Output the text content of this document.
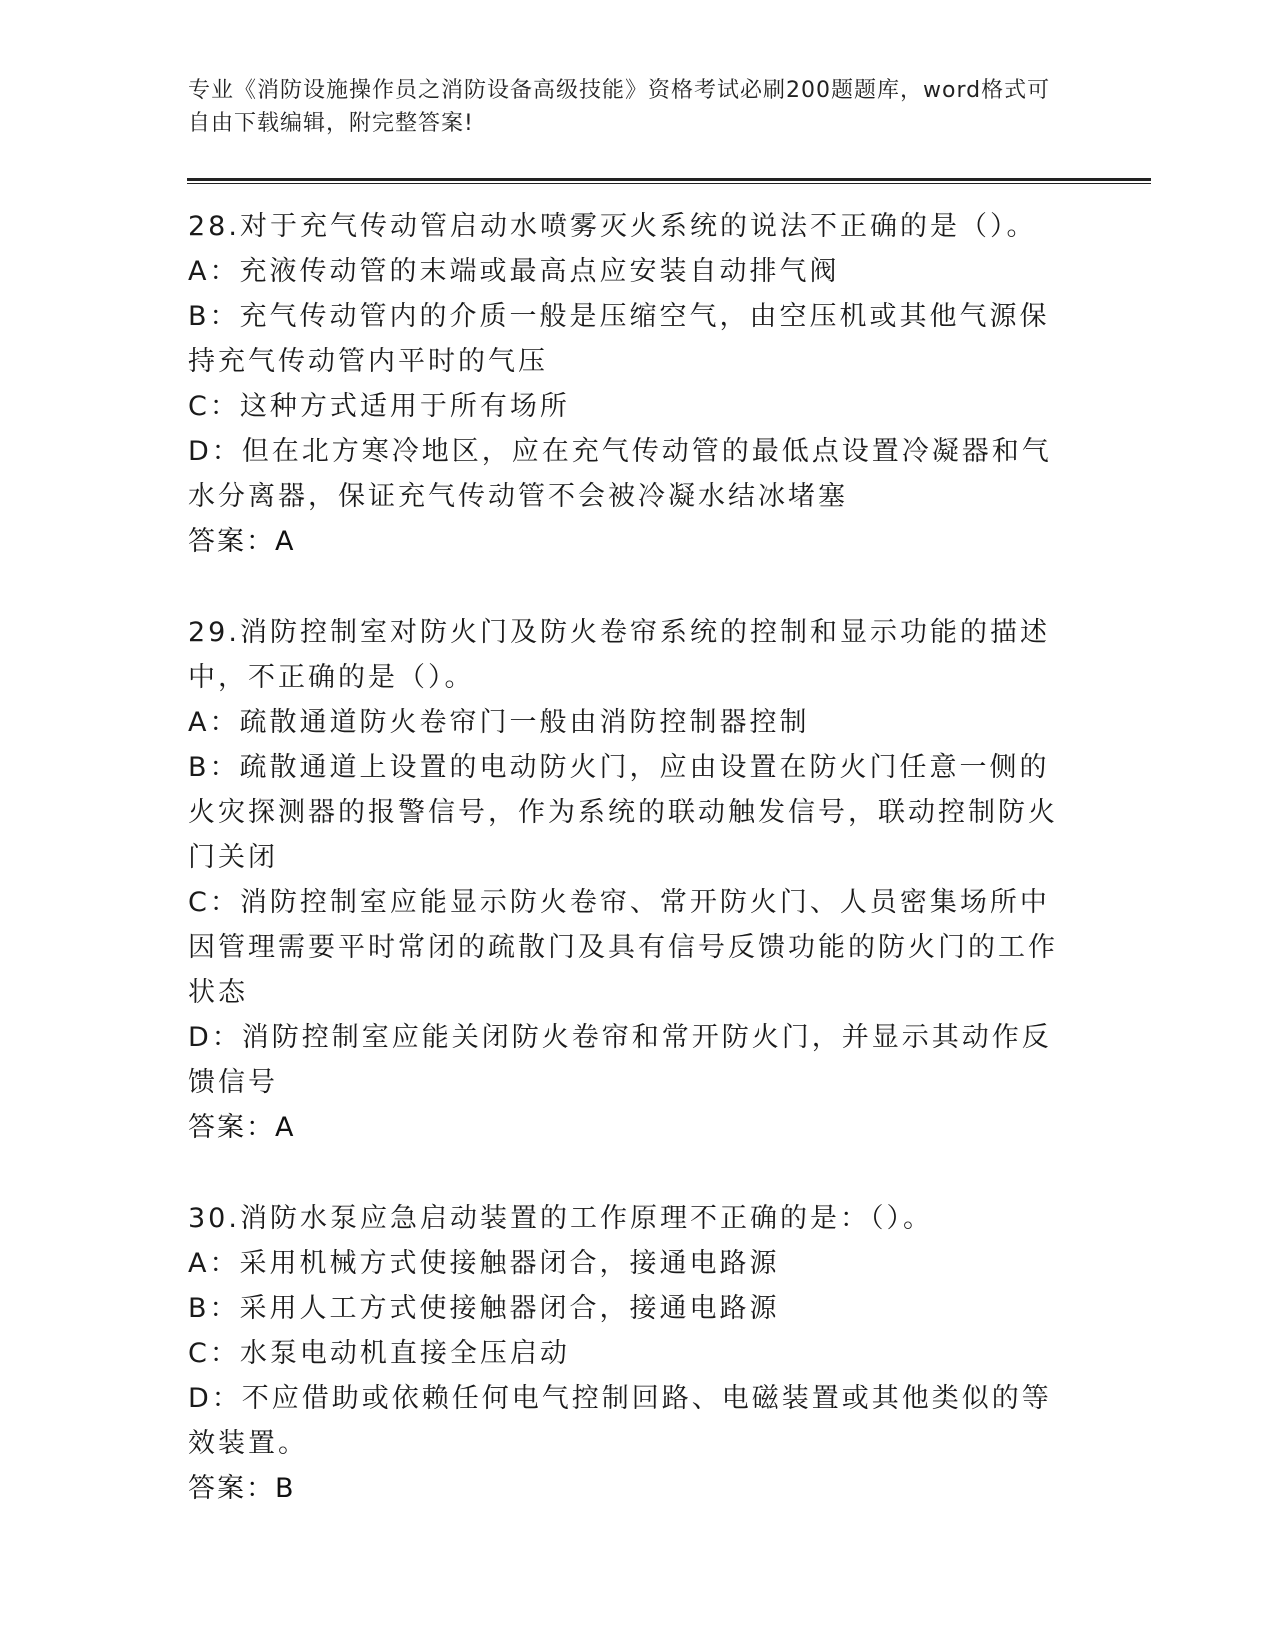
专业《消防设施操作员之消防设备高级技能》资格考试必刷200题题库，word格式可自由下载编辑，附完整答案!
28.对于充气传动管启动水喷雾灭火系统的说法不正确的是（）。
A：充液传动管的末端或最高点应安装自动排气阀
B：充气传动管内的介质一般是压缩空气，由空压机或其他气源保持充气传动管内平时的气压
C：这种方式适用于所有场所
D：但在北方寒冷地区，应在充气传动管的最低点设置冷凝器和气水分离器，保证充气传动管不会被冷凝水结冰堵塞
答案：A
29.消防控制室对防火门及防火卷帘系统的控制和显示功能的描述中，不正确的是（）。
A：疏散通道防火卷帘门一般由消防控制器控制
B：疏散通道上设置的电动防火门，应由设置在防火门任意一侧的火灾探测器的报警信号，作为系统的联动触发信号，联动控制防火门关闭
C：消防控制室应能显示防火卷帘、常开防火门、人员密集场所中因管理需要平时常闭的疏散门及具有信号反馈功能的防火门的工作状态
D：消防控制室应能关闭防火卷帘和常开防火门，并显示其动作反馈信号
答案：A
30.消防水泵应急启动装置的工作原理不正确的是：（）。
A：采用机械方式使接触器闭合，接通电路源
B：采用人工方式使接触器闭合，接通电路源
C：水泵电动机直接全压启动
D：不应借助或依赖任何电气控制回路、电磁装置或其他类似的等效装置。
答案：B
